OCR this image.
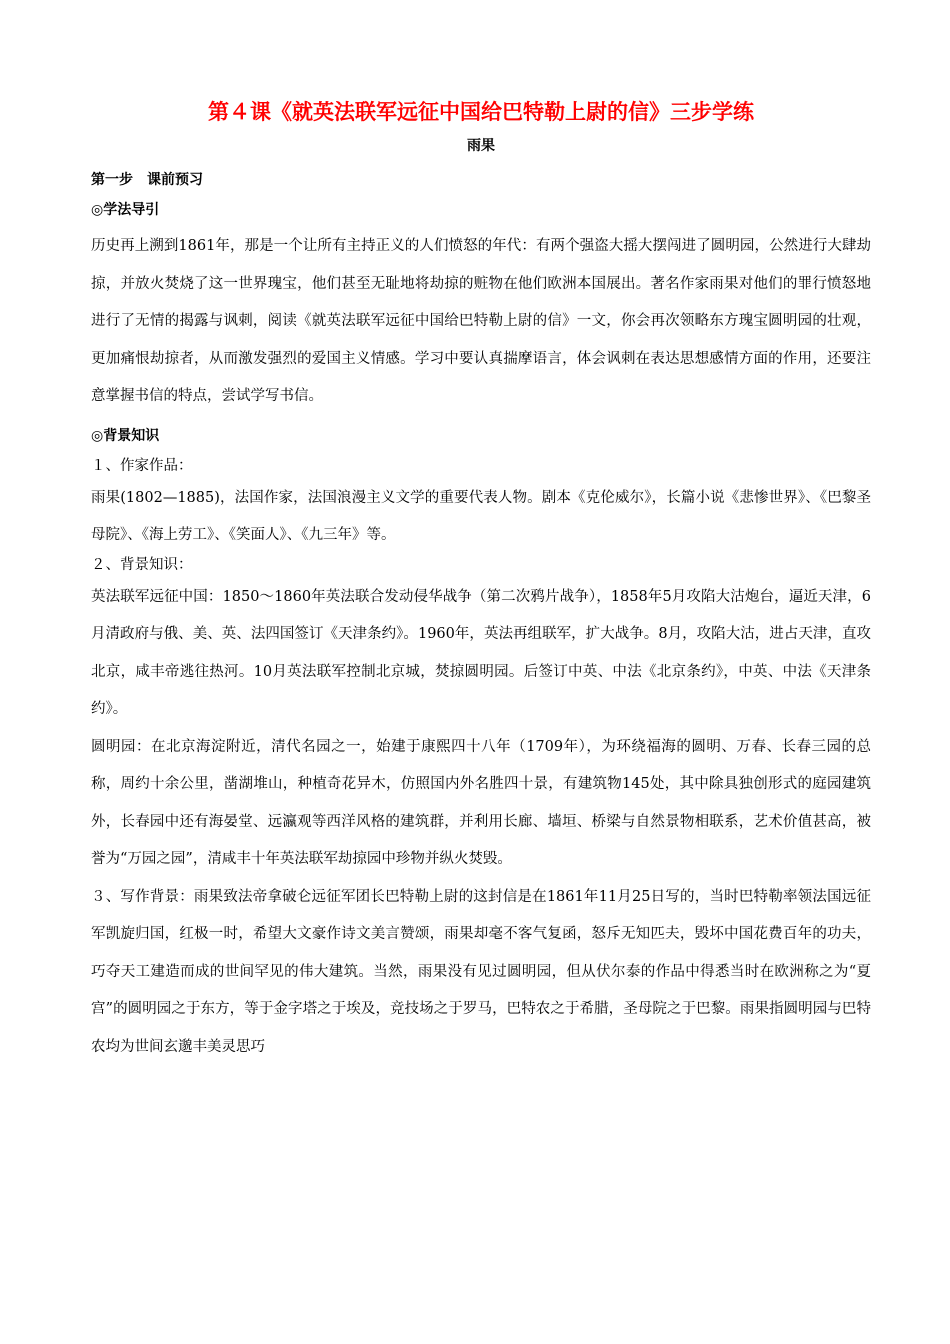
第４课《就英法联军远征中国给巴特勒上尉的信》三步学练
雨果
第一步　课前预习
◎学法导引

历史再上溯到1861年，那是一个让所有主持正义的人们愤怒的年代：有两个强盗大摇大摆闯进了圆明园，公然进行大肆劫掠，并放火焚烧了这一世界瑰宝，他们甚至无耻地将劫掠的赃物在他们欧洲本国展出。著名作家雨果对他们的罪行愤怒地进行了无情的揭露与讽刺，阅读《就英法联军远征中国给巴特勒上尉的信》一文，你会再次领略东方瑰宝圆明园的壮观，更加痛恨劫掠者，从而激发强烈的爱国主义情感。学习中要认真揣摩语言，体会讽刺在表达思想感情方面的作用，还要注意掌握书信的特点，尝试学写书信。

◎背景知识
１、作家作品：

雨果(1802—1885)，法国作家，法国浪漫主义文学的重要代表人物。剧本《克伦威尔》，长篇小说《悲惨世界》、《巴黎圣母院》、《海上劳工》、《笑面人》、《九三年》等。

２、背景知识：

英法联军远征中国：1850～1860年英法联合发动侵华战争（第二次鸦片战争），1858年5月攻陷大沽炮台，逼近天津，6月清政府与俄、美、英、法四国签订《天津条约》。1960年，英法再组联军，扩大战争。8月，攻陷大沽，进占天津，直攻北京，咸丰帝逃往热河。10月英法联军控制北京城，焚掠圆明园。后签订中英、中法《北京条约》，中英、中法《天津条约》。

圆明园：在北京海淀附近，清代名园之一，始建于康熙四十八年（1709年），为环绕福海的圆明、万春、长春三园的总称，周约十余公里，凿湖堆山，种植奇花异木，仿照国内外名胜四十景，有建筑物145处，其中除具独创形式的庭园建筑外，长春园中还有海晏堂、远瀛观等西洋风格的建筑群，并利用长廊、墙垣、桥梁与自然景物相联系，艺术价值甚高，被誉为“万园之园”，清咸丰十年英法联军劫掠园中珍物并纵火焚毁。

３、写作背景：雨果致法帝拿破仑远征军团长巴特勒上尉的这封信是在1861年11月25日写的，当时巴特勒率领法国远征军凯旋归国，红极一时，希望大文豪作诗文美言赞颂，雨果却毫不客气复函，怒斥无知匹夫，毁坏中国花费百年的功夫，巧夺天工建造而成的世间罕见的伟大建筑。当然，雨果没有见过圆明园，但从伏尔泰的作品中得悉当时在欧洲称之为“夏宫”的圆明园之于东方，等于金字塔之于埃及，竞技场之于罗马，巴特农之于希腊，圣母院之于巴黎。雨果指圆明园与巴特农均为世间玄邈丰美灵思巧
